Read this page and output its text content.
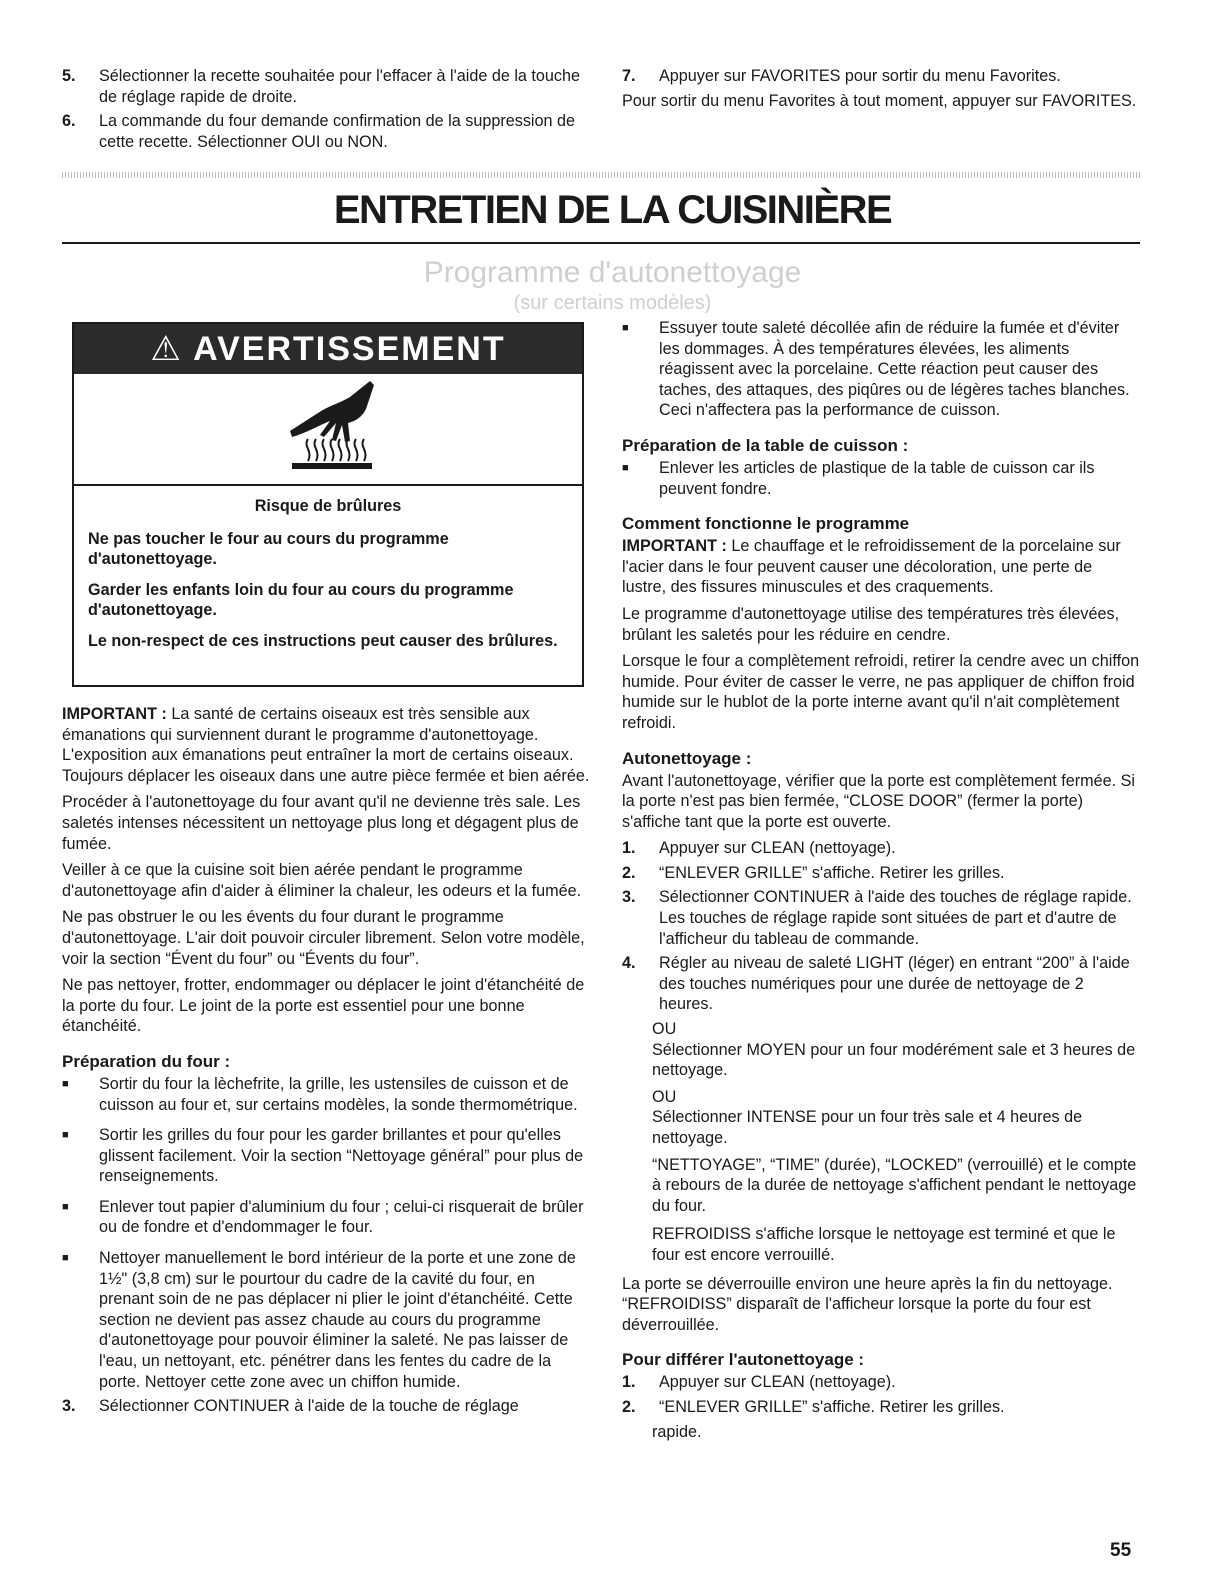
5.	Sélectionner la recette souhaitée pour l'effacer à l'aide de la touche de réglage rapide de droite.
6.	La commande du four demande confirmation de la suppression de cette recette. Sélectionner OUI ou NON.
7.	Appuyer sur FAVORITES pour sortir du menu Favorites.

Pour sortir du menu Favorites à tout moment, appuyer sur FAVORITES.

ENTRETIEN DE LA CUISINIÈRE
Programme d'autonettoyage
(sur certains modèles)
⚠ AVERTISSEMENT
Risque de brûlures

Ne pas toucher le four au cours du programme d'autonettoyage.

Garder les enfants loin du four au cours du programme d'autonettoyage.

Le non-respect de ces instructions peut causer des brûlures.

IMPORTANT : La santé de certains oiseaux est très sensible aux émanations qui surviennent durant le programme d'autonettoyage. L'exposition aux émanations peut entraîner la mort de certains oiseaux. Toujours déplacer les oiseaux dans une autre pièce fermée et bien aérée.

Procéder à l'autonettoyage du four avant qu'il ne devienne très sale. Les saletés intenses nécessitent un nettoyage plus long et dégagent plus de fumée.

Veiller à ce que la cuisine soit bien aérée pendant le programme d'autonettoyage afin d'aider à éliminer la chaleur, les odeurs et la fumée.

Ne pas obstruer le ou les évents du four durant le programme d'autonettoyage. L'air doit pouvoir circuler librement. Selon votre modèle, voir la section “Évent du four” ou “Évents du four”.

Ne pas nettoyer, frotter, endommager ou déplacer le joint d'étanchéité de la porte du four. Le joint de la porte est essentiel pour une bonne étanchéité.

Préparation du four :
■	Sortir du four la lèchefrite, la grille, les ustensiles de cuisson et de cuisson au four et, sur certains modèles, la sonde thermométrique.
■	Sortir les grilles du four pour les garder brillantes et pour qu'elles glissent facilement. Voir la section “Nettoyage général” pour plus de renseignements.
■	Enlever tout papier d'aluminium du four ; celui-ci risquerait de brûler ou de fondre et d'endommager le four.
■	Nettoyer manuellement le bord intérieur de la porte et une zone de 1½" (3,8 cm) sur le pourtour du cadre de la cavité du four, en prenant soin de ne pas déplacer ni plier le joint d'étanchéité. Cette section ne devient pas assez chaude au cours du programme d'autonettoyage pour pouvoir éliminer la saleté. Ne pas laisser de l'eau, un nettoyant, etc. pénétrer dans les fentes du cadre de la porte. Nettoyer cette zone avec un chiffon humide.
3.	Sélectionner CONTINUER à l'aide de la touche de réglage
■	Essuyer toute saleté décollée afin de réduire la fumée et d'éviter les dommages. À des températures élevées, les aliments réagissent avec la porcelaine. Cette réaction peut causer des taches, des attaques, des piqûres ou de légères taches blanches. Ceci n'affectera pas la performance de cuisson.
Préparation de la table de cuisson :
■	Enlever les articles de plastique de la table de cuisson car ils peuvent fondre.
Comment fonctionne le programme

IMPORTANT : Le chauffage et le refroidissement de la porcelaine sur l'acier dans le four peuvent causer une décoloration, une perte de lustre, des fissures minuscules et des craquements.

Le programme d'autonettoyage utilise des températures très élevées, brûlant les saletés pour les réduire en cendre.

Lorsque le four a complètement refroidi, retirer la cendre avec un chiffon humide. Pour éviter de casser le verre, ne pas appliquer de chiffon froid humide sur le hublot de la porte interne avant qu'il n'ait complètement refroidi.

Autonettoyage :

Avant l'autonettoyage, vérifier que la porte est complètement fermée. Si la porte n'est pas bien fermée, “CLOSE DOOR” (fermer la porte) s'affiche tant que la porte est ouverte.

1.	Appuyer sur CLEAN (nettoyage).
2.	“ENLEVER GRILLE” s'affiche. Retirer les grilles.
3.	Sélectionner CONTINUER à l'aide des touches de réglage rapide. Les touches de réglage rapide sont situées de part et d'autre de l'afficheur du tableau de commande.
4.	Régler au niveau de saleté LIGHT (léger) en entrant “200” à l'aide des touches numériques pour une durée de nettoyage de 2 heures.
OU
Sélectionner MOYEN pour un four modérément sale et 3 heures de nettoyage.
OU
Sélectionner INTENSE pour un four très sale et 4 heures de nettoyage.

“NETTOYAGE”, “TIME” (durée), “LOCKED” (verrouillé) et le compte à rebours de la durée de nettoyage s'affichent pendant le nettoyage du four.

REFROIDISS s'affiche lorsque le nettoyage est terminé et que le four est encore verrouillé.

La porte se déverrouille environ une heure après la fin du nettoyage. “REFROIDISS” disparaît de l'afficheur lorsque la porte du four est déverrouillée.

Pour différer l'autonettoyage :
1.	Appuyer sur CLEAN (nettoyage).
2.	“ENLEVER GRILLE” s'affiche. Retirer les grilles.
rapide.
55
